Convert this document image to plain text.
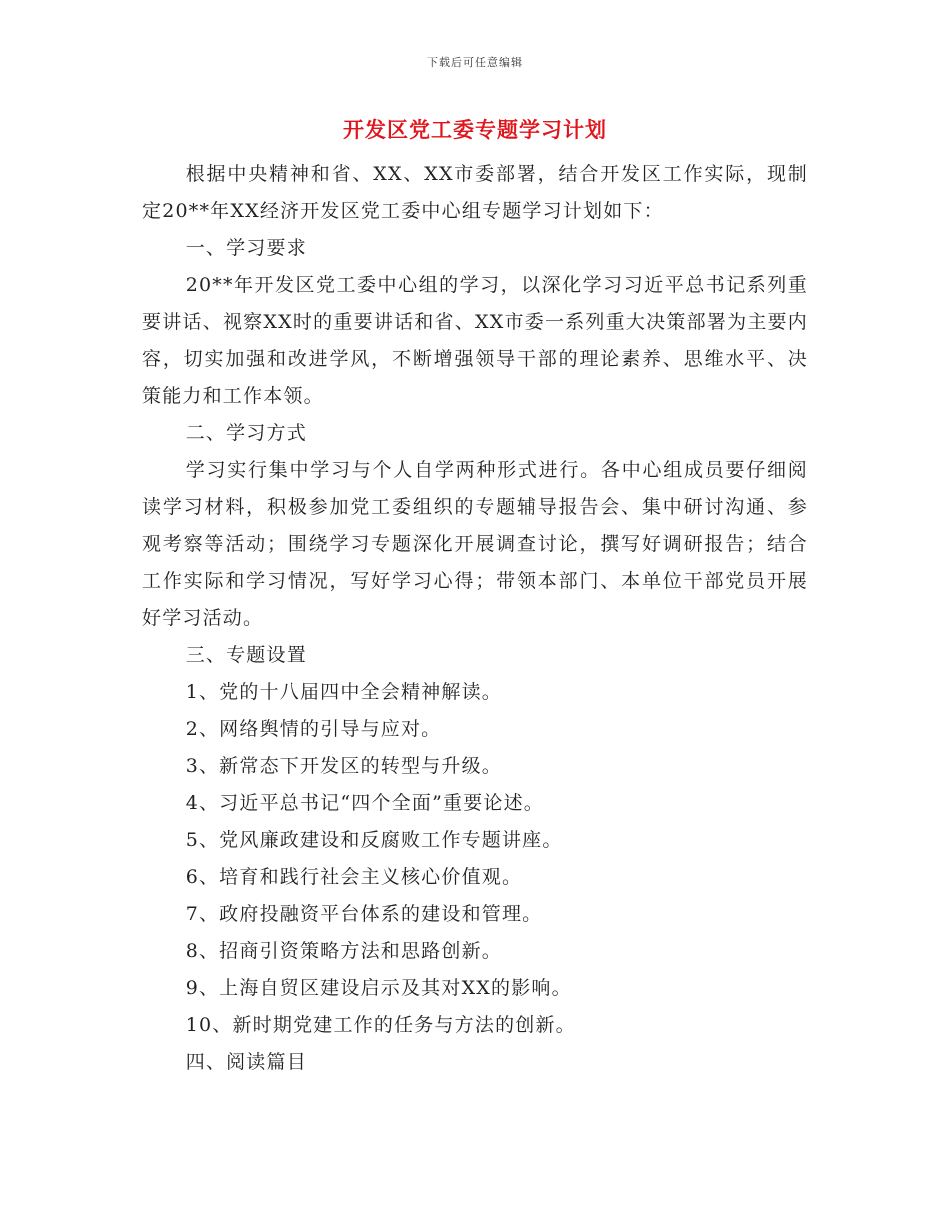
下载后可任意编辑
开发区党工委专题学习计划

根据中央精神和省、XX、XX市委部署，结合开发区工作实际，现制定20**年XX经济开发区党工委中心组专题学习计划如下：

一、学习要求

20**年开发区党工委中心组的学习，以深化学习习近平总书记系列重要讲话、视察XX时的重要讲话和省、XX市委一系列重大决策部署为主要内容，切实加强和改进学风，不断增强领导干部的理论素养、思维水平、决策能力和工作本领。

二、学习方式

学习实行集中学习与个人自学两种形式进行。各中心组成员要仔细阅读学习材料，积极参加党工委组织的专题辅导报告会、集中研讨沟通、参观考察等活动；围绕学习专题深化开展调查讨论，撰写好调研报告；结合工作实际和学习情况，写好学习心得；带领本部门、本单位干部党员开展好学习活动。

三、专题设置

1、党的十八届四中全会精神解读。

2、网络舆情的引导与应对。

3、新常态下开发区的转型与升级。

4、习近平总书记“四个全面”重要论述。

5、党风廉政建设和反腐败工作专题讲座。

6、培育和践行社会主义核心价值观。

7、政府投融资平台体系的建设和管理。

8、招商引资策略方法和思路创新。

9、上海自贸区建设启示及其对XX的影响。

10、新时期党建工作的任务与方法的创新。

四、阅读篇目
